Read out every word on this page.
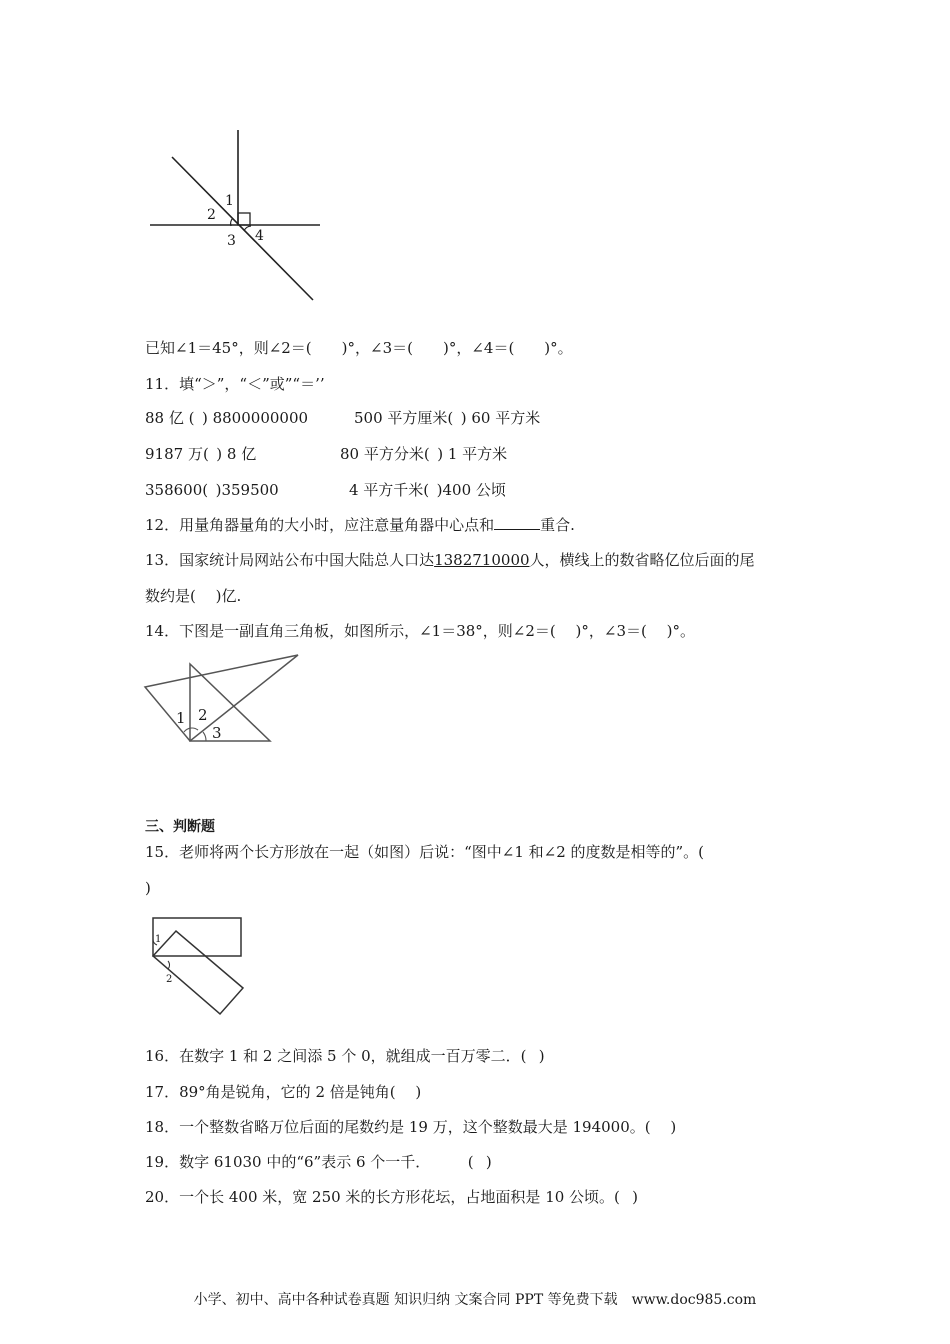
1
2
3 4
已知∠1＝45°，则∠2＝(　　)°，∠3＝(　　)°，∠4＝(　　)°。
11．填“＞”，“＜”或”“＝’’
88 亿 ( ) 8800000000	500 平方厘米( ) 60 平方米
9187 万( ) 8 亿	80 平方分米( ) 1 平方米
358600( )359500	4 平方千米( )400 公顷
12．用量角器量角的大小时，应注意量角器中心点和	重合.
13．国家统计局网站公布中国大陆总人口达1382710000人，横线上的数省略亿位后面的尾
数约是(　 )亿.
14．下图是一副直角三角板，如图所示，∠1＝38°，则∠2＝(　 )°，∠3＝(　 )°。
1 2
3
三、判断题
15．老师将两个长方形放在一起（如图）后说：“图中∠1 和∠2 的度数是相等的”。(
)
1
2
16．在数字 1 和 2 之间添 5 个 0，就组成一百万零二．(  )
17．89°角是锐角，它的 2 倍是钝角(  )
18．一个整数省略万位后面的尾数约是 19 万，这个整数最大是 194000。(  )
19．数字 61030 中的“6”表示 6 个一千．　　　(  )
20．一个长 400 米，宽 250 米的长方形花坛，占地面积是 10 公顷。(  )
小学、初中、高中各种试卷真题 知识归纳 文案合同 PPT 等免费下载　www.doc985.com
